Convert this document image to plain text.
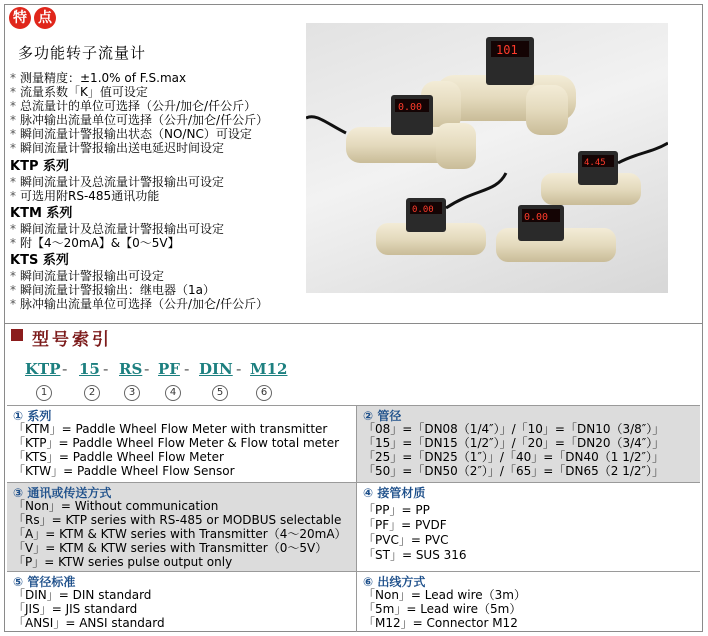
特 点
多功能转子流量计
* 测量精度：±1.0% of F.S.max
* 流量系数「K」值可设定
* 总流量计的单位可选择（公升/加仑/仟公斤）
* 脉冲输出流量单位可选择（公升/加仑/仟公斤）
* 瞬间流量计警报输出状态（NO/NC）可设定
* 瞬间流量计警报输出送电延迟时间设定
KTP 系列
* 瞬间流量计及总流量计警报输出可设定
* 可选用附RS-485通讯功能
KTM 系列
* 瞬间流量计及总流量计警报输出可设定
* 附【4～20mA】&【0～5V】
KTS 系列
* 瞬间流量计警报输出可设定
* 瞬间流量计警报输出：继电器（1a）
* 脉冲输出流量单位可选择（公升/加仑/仟公斤）
101
0.00
4.45
0.00
0.00
型号索引
KTP - 15 - RS - PF - DIN - M12
1	2	3	4	5	6
① 系列
「KTM」= Paddle Wheel Flow Meter with transmitter
「KTP」= Paddle Wheel Flow Meter & Flow total meter
「KTS」= Paddle Wheel Flow Meter
「KTW」= Paddle Wheel Flow Sensor
② 管径
「08」=「DN08（1/4″）」/「10」=「DN10（3/8″）」
「15」=「DN15（1/2″）」/「20」=「DN20（3/4″）」
「25」=「DN25（1″）」/「40」=「DN40（1 1/2″）」
「50」=「DN50（2″）」/「65」=「DN65（2 1/2″）」
③ 通讯或传送方式
「Non」= Without communication
「Rs」= KTP series with RS-485 or MODBUS selectable
「A」= KTM & KTW series with Transmitter（4～20mA）
「V」= KTM & KTW series with Transmitter（0～5V）
「P」= KTW series pulse output only
④ 接管材质
「PP」= PP
「PF」= PVDF
「PVC」= PVC
「ST」= SUS 316
⑤ 管径标准
「DIN」= DIN standard
「JIS」= JIS standard
「ANSI」= ANSI standard
⑥ 出线方式
「Non」= Lead wire（3m）
「5m」= Lead wire（5m）
「M12」= Connector M12
